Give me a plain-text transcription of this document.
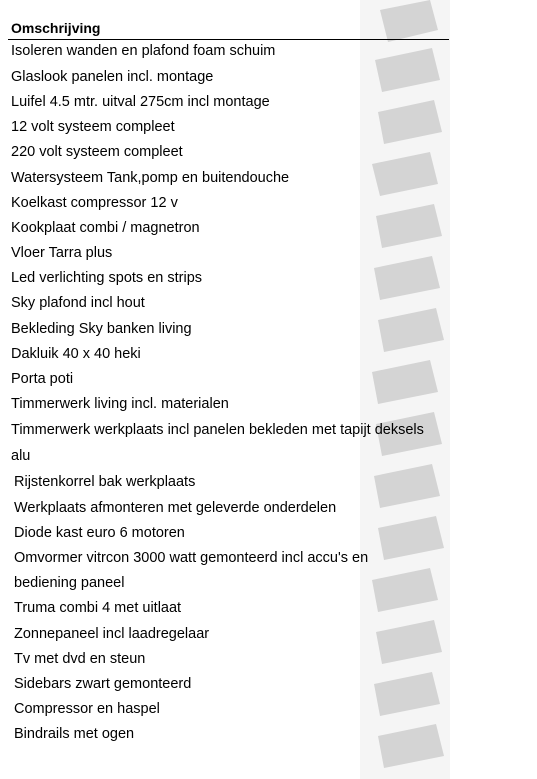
Omschrijving
Isoleren wanden en plafond foam schuim
Glaslook panelen incl. montage
Luifel 4.5 mtr. uitval 275cm incl montage
12 volt systeem compleet
220 volt systeem compleet
Watersysteem Tank,pomp en buitendouche
Koelkast compressor 12 v
Kookplaat combi / magnetron
Vloer Tarra plus
Led verlichting spots en strips
Sky plafond incl hout
Bekleding Sky banken living
Dakluik 40 x 40 heki
Porta poti
Timmerwerk living incl. materialen
Timmerwerk werkplaats incl panelen bekleden met tapijt deksels
alu
Rijstenkorrel bak werkplaats
Werkplaats afmonteren met geleverde onderdelen
Diode kast euro 6 motoren
Omvormer vitrcon 3000 watt gemonteerd incl accu's en
bediening paneel
Truma combi 4 met uitlaat
Zonnepaneel incl laadregelaar
Tv met dvd en steun
Sidebars zwart gemonteerd
Compressor en haspel
Bindrails met ogen
